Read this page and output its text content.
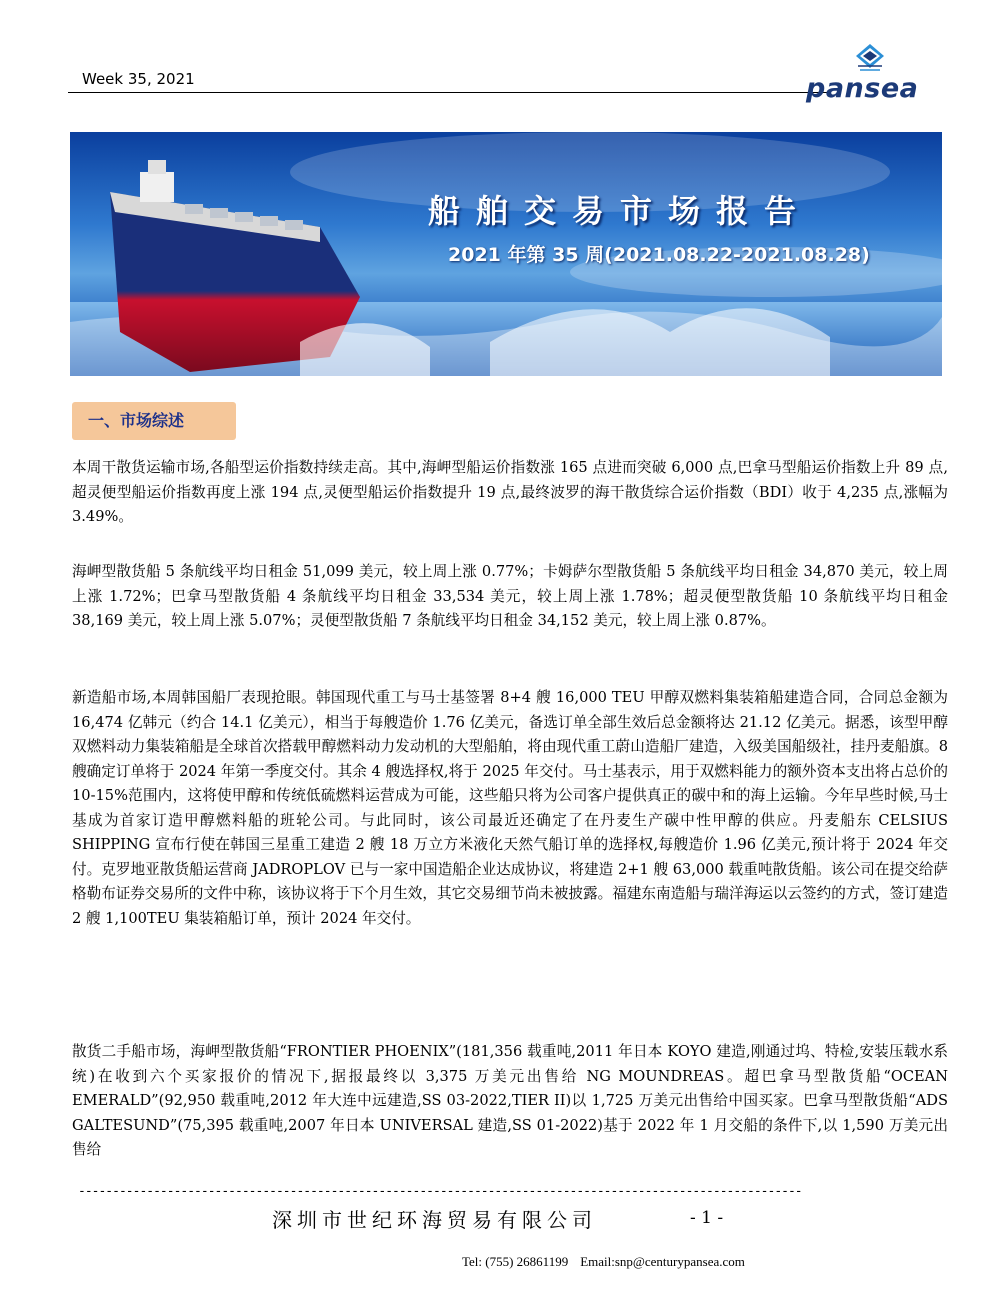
Week 35, 2021	pansea
船舶交易市场报告
2021 年第 35 周(2021.08.22-2021.08.28)
一、市场综述

本周干散货运输市场,各船型运价指数持续走高。其中,海岬型船运价指数涨 165 点进而突破 6,000 点,巴拿马型船运价指数上升 89 点,超灵便型船运价指数再度上涨 194 点,灵便型船运价指数提升 19 点,最终波罗的海干散货综合运价指数（BDI）收于 4,235 点,涨幅为 3.49%。

海岬型散货船 5 条航线平均日租金 51,099 美元，较上周上涨 0.77%；卡姆萨尔型散货船 5 条航线平均日租金 34,870 美元，较上周上涨 1.72%；巴拿马型散货船 4 条航线平均日租金 33,534 美元，较上周上涨 1.78%；超灵便型散货船 10 条航线平均日租金 38,169 美元，较上周上涨 5.07%；灵便型散货船 7 条航线平均日租金 34,152 美元，较上周上涨 0.87%。

新造船市场,本周韩国船厂表现抢眼。韩国现代重工与马士基签署 8+4 艘 16,000 TEU 甲醇双燃料集装箱船建造合同，合同总金额为 16,474 亿韩元（约合 14.1 亿美元），相当于每艘造价 1.76 亿美元，备选订单全部生效后总金额将达 21.12 亿美元。据悉，该型甲醇双燃料动力集装箱船是全球首次搭载甲醇燃料动力发动机的大型船舶，将由现代重工蔚山造船厂建造，入级美国船级社，挂丹麦船旗。8 艘确定订单将于 2024 年第一季度交付。其余 4 艘选择权,将于 2025 年交付。马士基表示，用于双燃料能力的额外资本支出将占总价的 10-15%范围内，这将使甲醇和传统低硫燃料运营成为可能，这些船只将为公司客户提供真正的碳中和的海上运输。今年早些时候,马士基成为首家订造甲醇燃料船的班轮公司。与此同时，该公司最近还确定了在丹麦生产碳中性甲醇的供应。丹麦船东 CELSIUS SHIPPING 宣布行使在韩国三星重工建造 2 艘 18 万立方米液化天然气船订单的选择权,每艘造价 1.96 亿美元,预计将于 2024 年交付。克罗地亚散货船运营商 JADROPLOV 已与一家中国造船企业达成协议，将建造 2+1 艘 63,000 载重吨散货船。该公司在提交给萨格勒布证券交易所的文件中称，该协议将于下个月生效，其它交易细节尚未被披露。福建东南造船与瑞洋海运以云签约的方式，签订建造 2 艘 1,100TEU 集装箱船订单，预计 2024 年交付。

散货二手船市场，海岬型散货船“FRONTIER PHOENIX”(181,356 载重吨,2011 年日本 KOYO 建造,刚通过坞、特检,安装压载水系统)在收到六个买家报价的情况下,据报最终以 3,375 万美元出售给 NG MOUNDREAS。超巴拿马型散货船“OCEAN EMERALD”(92,950 载重吨,2012 年大连中远建造,SS 03-2022,TIER II)以 1,725 万美元出售给中国买家。巴拿马型散货船“ADS GALTESUND”(75,395 载重吨,2007 年日本 UNIVERSAL 建造,SS 01-2022)基于 2022 年 1 月交船的条件下,以 1,590 万美元出售给

----------------------------------------------------------------------------------------------------------
深圳市世纪环海贸易有限公司	- 1 -
Tel: (755) 26861199 Email:snp@centurypansea.com
